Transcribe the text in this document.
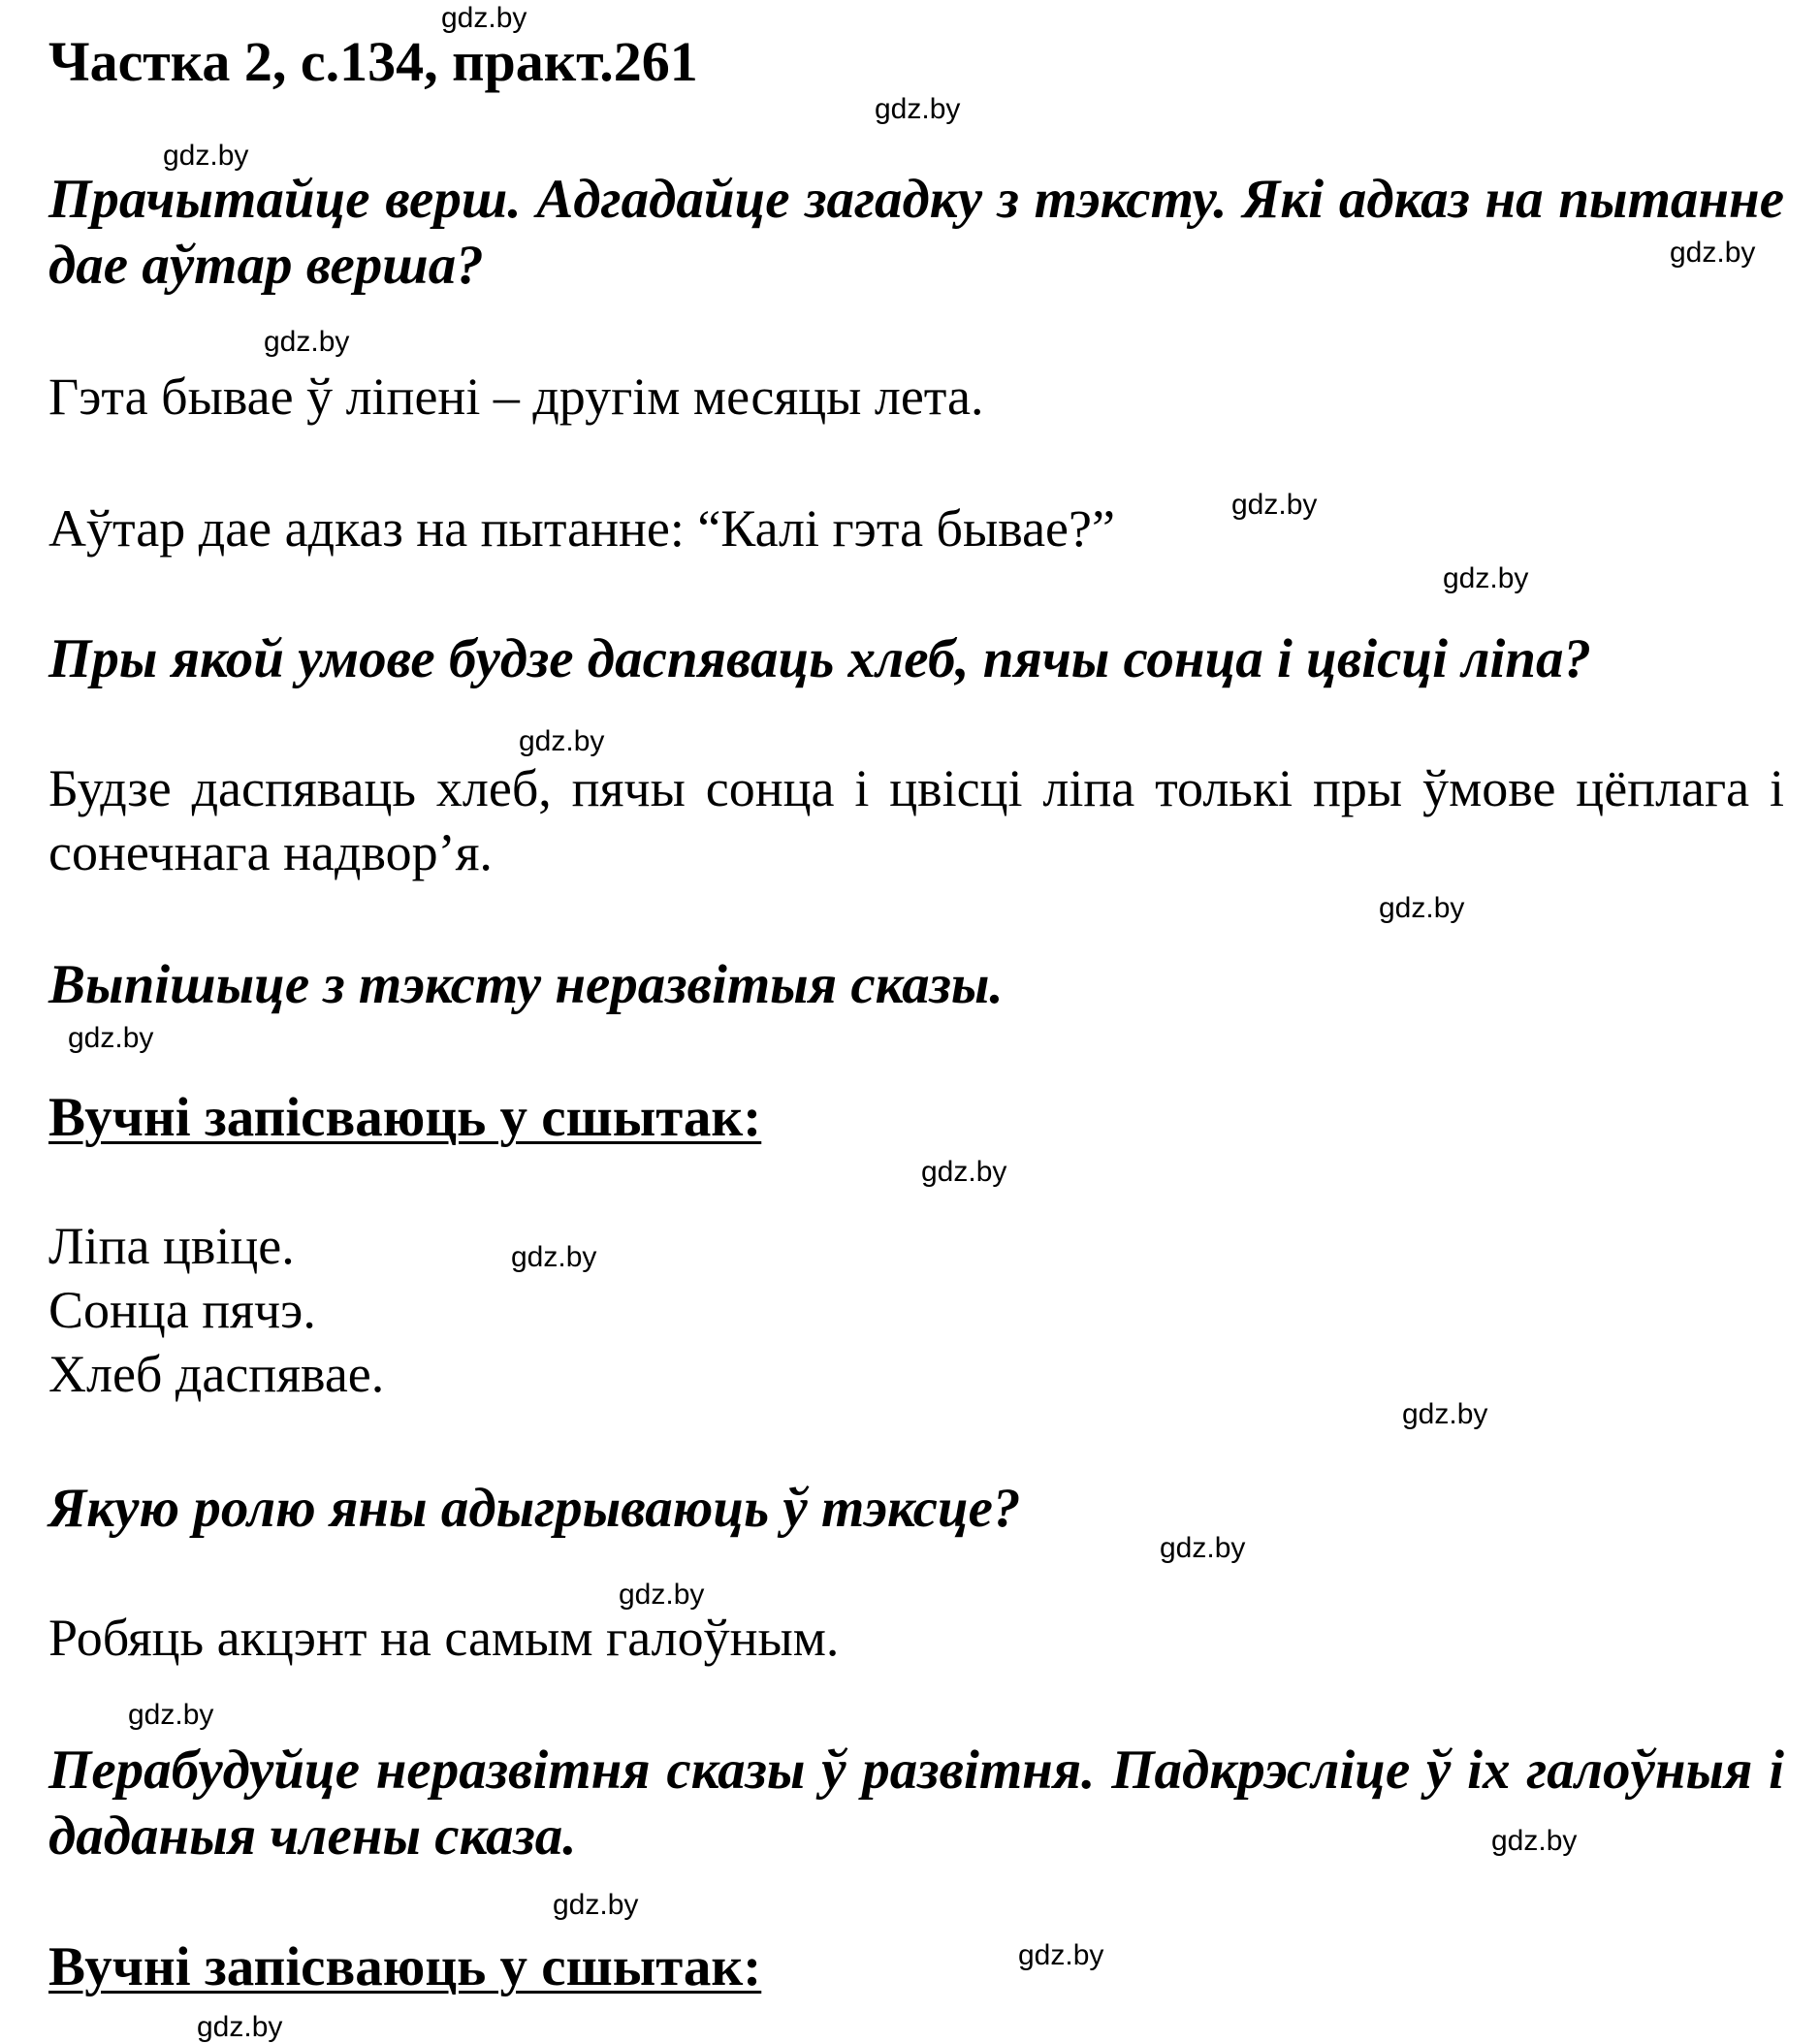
Частка 2, с.134, практ.261
Прачытайце верш. Адгадайце загадку з тэксту. Які адказ на пытанне дае аўтар верша?
Гэта бывае ў ліпені – другім месяцы лета.
Аўтар дае адказ на пытанне: “Калі гэта бывае?”
Пры якой умове будзе даспяваць хлеб, пячы сонца і цвісці ліпа?
Будзе даспяваць хлеб, пячы сонца і цвісці ліпа толькі пры ўмове цёплага і сонечнага надвор’я.
Выпішыце з тэксту неразвітыя сказы.
Вучні запісваюць у сшытак:
Ліпа цвіце.
Сонца пячэ.
Хлеб даспявае.
Якую ролю яны адыгрываюць ў тэксце?
Робяць акцэнт на самым галоўным.
Перабудуйце неразвітня сказы ў развітня. Падкрэсліце ў іх галоўныя і даданыя члены сказа.
Вучні запісваюць у сшытак:
gdz.by
gdz.by
gdz.by
gdz.by
gdz.by
gdz.by
gdz.by
gdz.by
gdz.by
gdz.by
gdz.by
gdz.by
gdz.by
gdz.by
gdz.by
gdz.by
gdz.by
gdz.by
gdz.by
gdz.by
